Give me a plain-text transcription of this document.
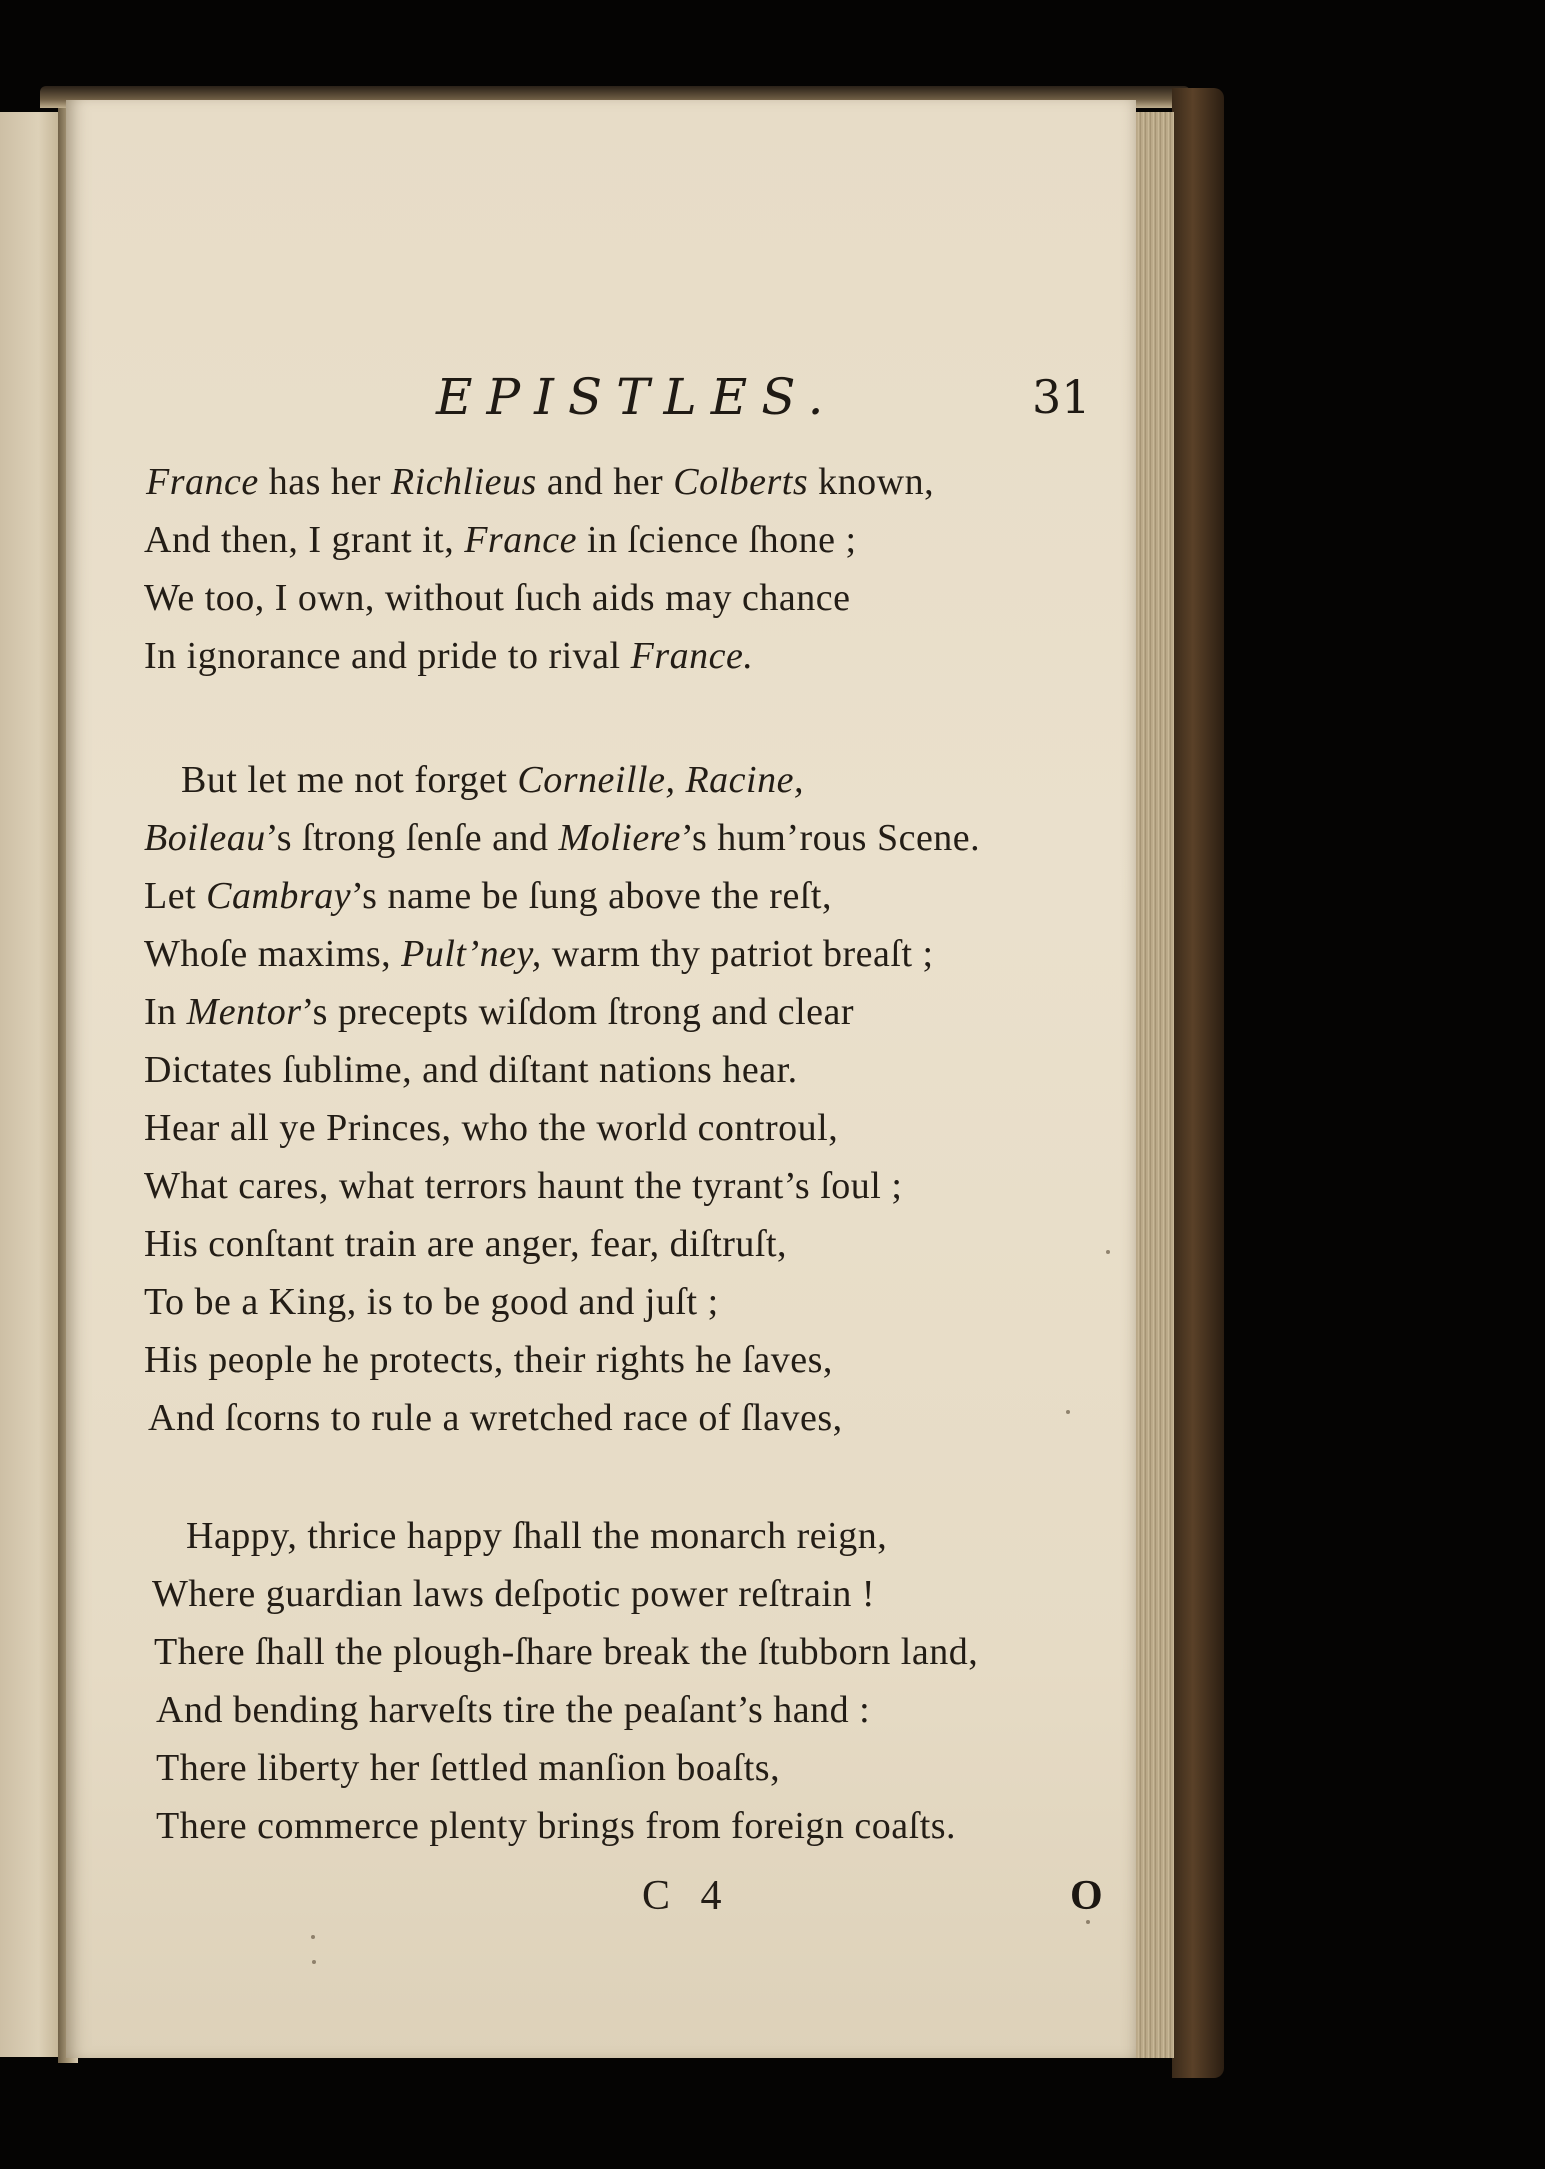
EPISTLES.	31
France has her Richlieus and her Colberts known,
And then, I grant it, France in ſcience ſhone ;
We too, I own, without ſuch aids may chance
In ignorance and pride to rival France.
But let me not forget Corneille, Racine,
Boileau’s ſtrong ſenſe and Moliere’s hum’rous Scene.
Let Cambray’s name be ſung above the reſt,
Whoſe maxims, Pult’ney, warm thy patriot breaſt ;
In Mentor’s precepts wiſdom ſtrong and clear
Dictates ſublime, and diſtant nations hear.
Hear all ye Princes, who the world controul,
What cares, what terrors haunt the tyrant’s ſoul ;
His conſtant train are anger, fear, diſtruſt,
To be a King, is to be good and juſt ;
His people he protects, their rights he ſaves,
And ſcorns to rule a wretched race of ſlaves,
Happy, thrice happy ſhall the monarch reign,
Where guardian laws deſpotic power reſtrain !
There ſhall the plough-ſhare break the ſtubborn land,
And bending harveſts tire the peaſant’s hand :
There liberty her ſettled manſion boaſts,
There commerce plenty brings from foreign coaſts.
C 4	O
